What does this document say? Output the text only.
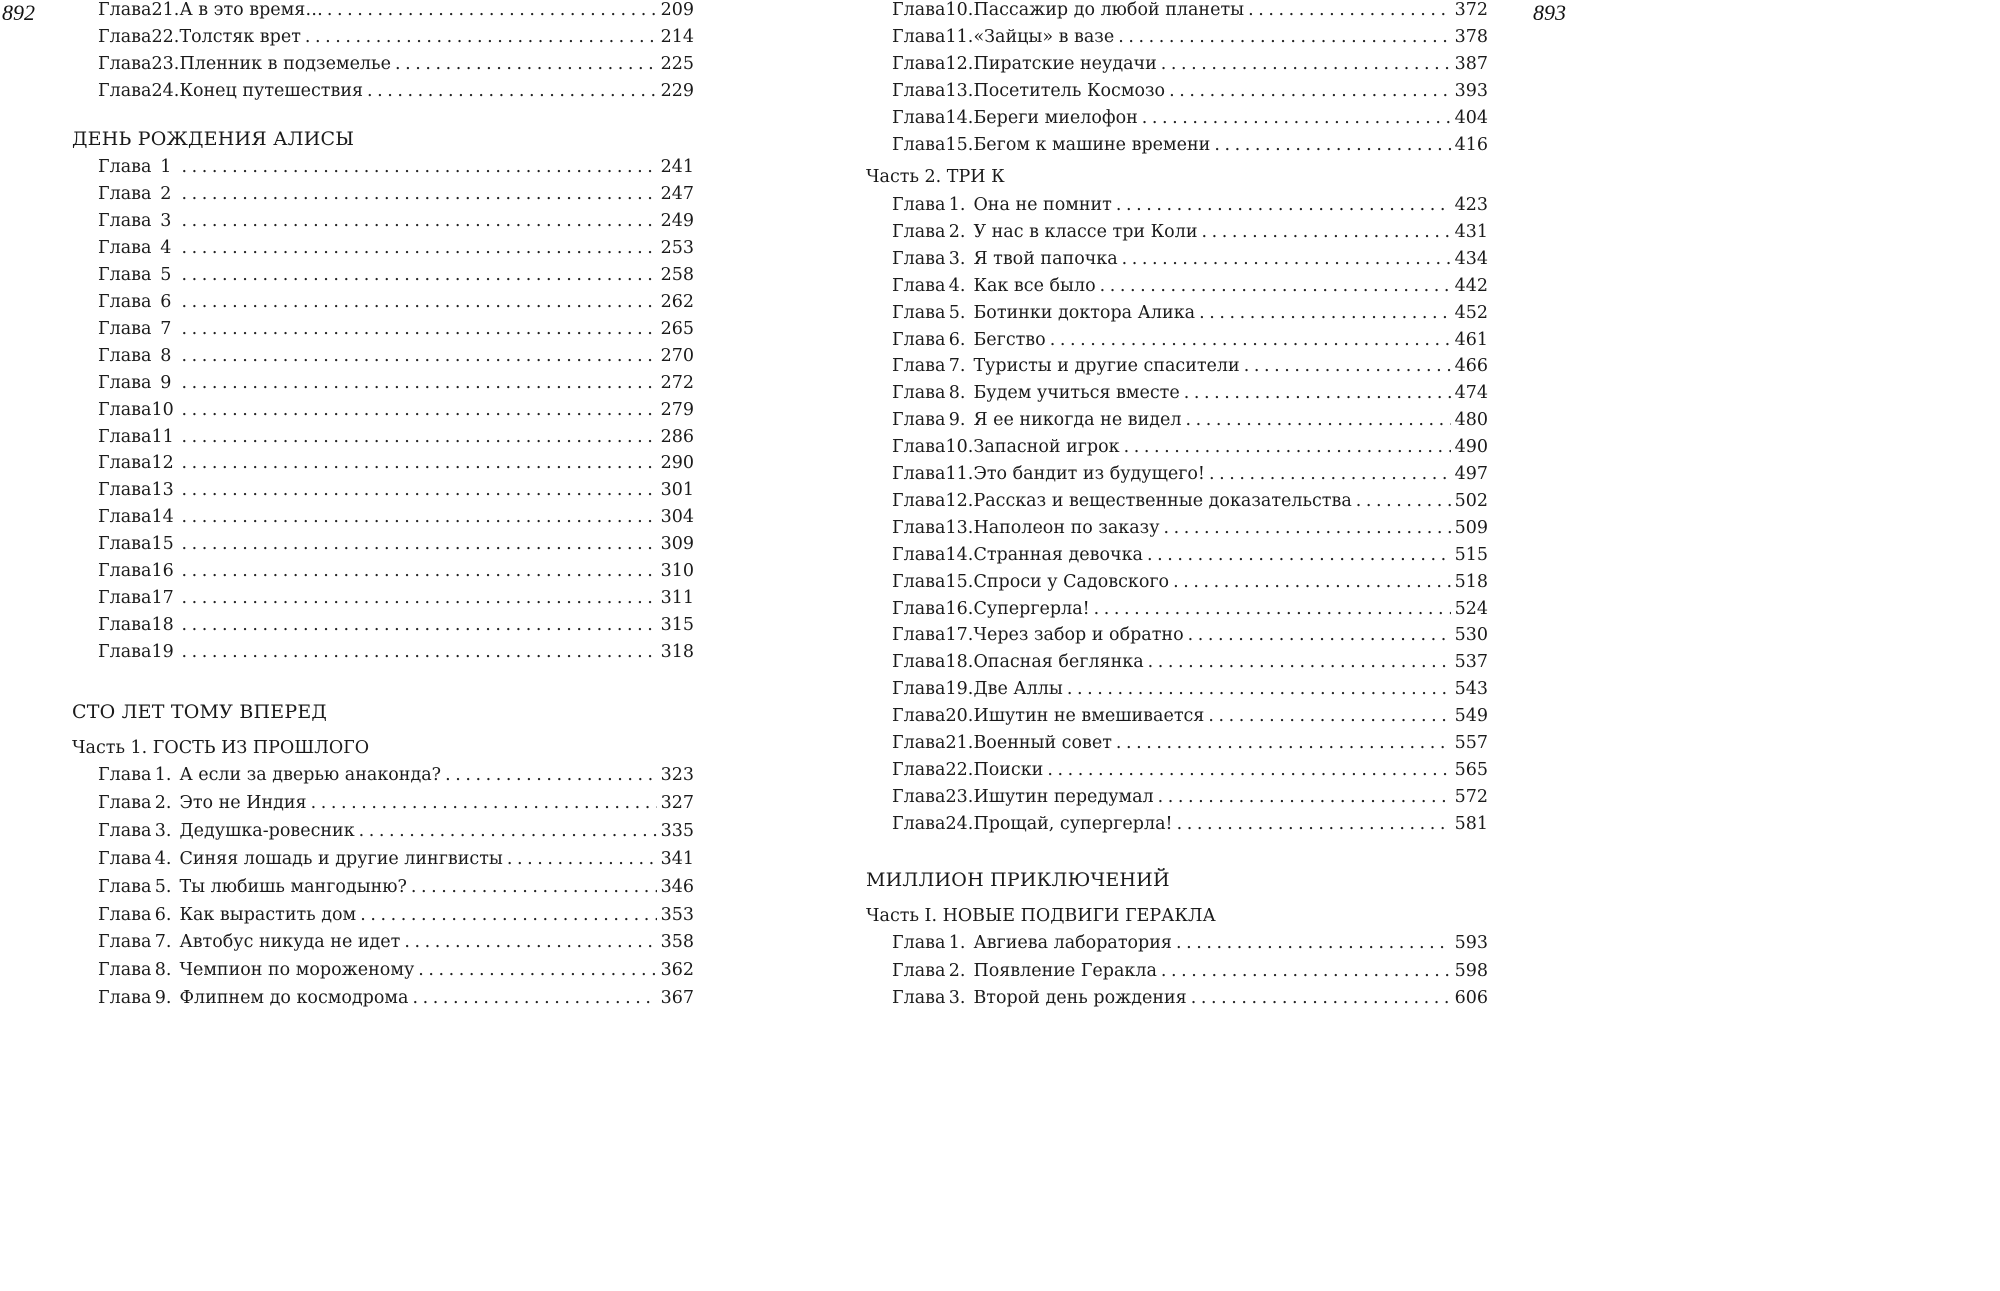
892	893
Глава 21. А в это время… . . .	209
Глава 22. Толстяк врет . . .	214
Глава 23. Пленник в подземелье . . .	225
Глава 24. Конец путешествия . . .	229
ДЕНЬ РОЖДЕНИЯ АЛИСЫ
Глава 1 . . .	241
Глава 2 . . .	247
Глава 3 . . .	249
Глава 4 . . .	253
Глава 5 . . .	258
Глава 6 . . .	262
Глава 7 . . .	265
Глава 8 . . .	270
Глава 9 . . .	272
Глава 10 . . .	279
Глава 11 . . .	286
Глава 12 . . .	290
Глава 13 . . .	301
Глава 14 . . .	304
Глава 15 . . .	309
Глава 16 . . .	310
Глава 17 . . .	311
Глава 18 . . .	315
Глава 19 . . .	318
СТО ЛЕТ ТОМУ ВПЕРЕД
Часть 1. ГОСТЬ ИЗ ПРОШЛОГО
Глава 1. А если за дверью анаконда? . . .	323
Глава 2. Это не Индия . . .	327
Глава 3. Дедушка-ровесник . . .	335
Глава 4. Синяя лошадь и другие лингвисты . . .	341
Глава 5. Ты любишь мангодыню? . . .	346
Глава 6. Как вырастить дом . . .	353
Глава 7. Автобус никуда не идет . . .	358
Глава 8. Чемпион по мороженому . . .	362
Глава 9. Флипнем до космодрома . . .	367
Глава 10. Пассажир до любой планеты . . .	372
Глава 11. «Зайцы» в вазе . . .	378
Глава 12. Пиратские неудачи . . .	387
Глава 13. Посетитель Космозо . . .	393
Глава 14. Береги миелофон . . .	404
Глава 15. Бегом к машине времени . . .	416
Часть 2. ТРИ К
Глава 1. Она не помнит . . .	423
Глава 2. У нас в классе три Коли . . .	431
Глава 3. Я твой папочка . . .	434
Глава 4. Как все было . . .	442
Глава 5. Ботинки доктора Алика . . .	452
Глава 6. Бегство . . .	461
Глава 7. Туристы и другие спасители . . .	466
Глава 8. Будем учиться вместе . . .	474
Глава 9. Я ее никогда не видел . . .	480
Глава 10. Запасной игрок . . .	490
Глава 11. Это бандит из будущего! . . .	497
Глава 12. Рассказ и вещественные доказательства . . .	502
Глава 13. Наполеон по заказу . . .	509
Глава 14. Странная девочка . . .	515
Глава 15. Спроси у Садовского . . .	518
Глава 16. Супергерла! . . .	524
Глава 17. Через забор и обратно . . .	530
Глава 18. Опасная беглянка . . .	537
Глава 19. Две Аллы . . .	543
Глава 20. Ишутин не вмешивается . . .	549
Глава 21. Военный совет . . .	557
Глава 22. Поиски . . .	565
Глава 23. Ишутин передумал . . .	572
Глава 24. Прощай, супергерла! . . .	581
МИЛЛИОН ПРИКЛЮЧЕНИЙ
Часть I. НОВЫЕ ПОДВИГИ ГЕРАКЛА
Глава 1. Авгиева лаборатория . . .	593
Глава 2. Появление Геракла . . .	598
Глава 3. Второй день рождения . . .	606
